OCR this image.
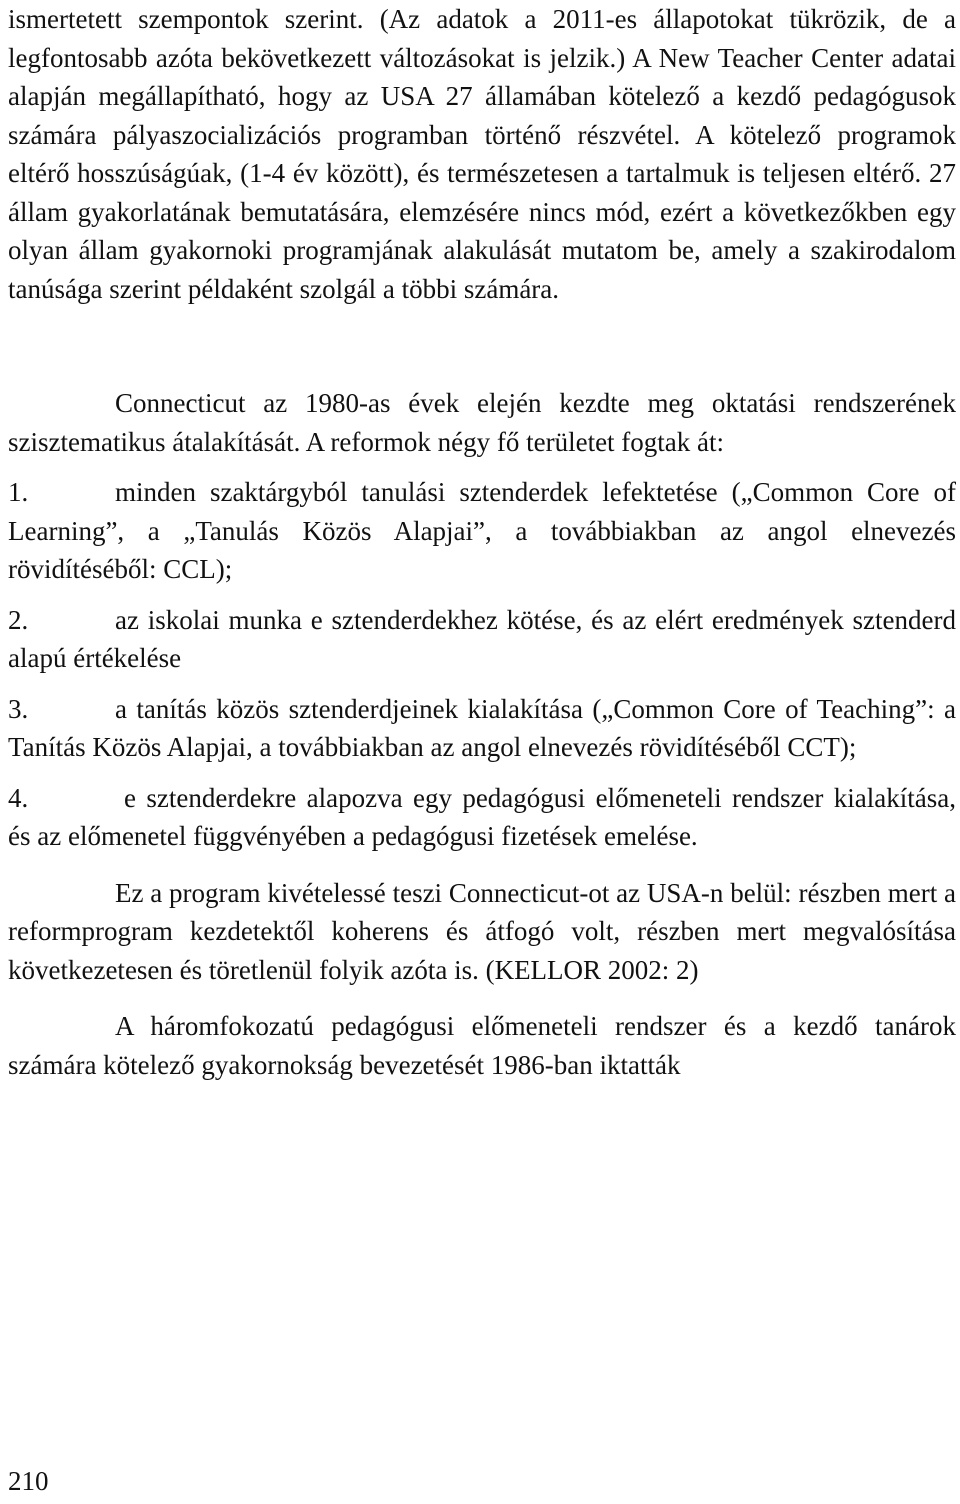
ismertetett szempontok szerint. (Az adatok a 2011-es állapotokat tükrözik, de a legfontosabb azóta bekövetkezett változásokat is jelzik.) A New Teacher Center adatai alapján megállapítható, hogy az USA 27 államában kötelező a kezdő pedagógusok számára pályaszocializációs programban történő részvétel. A kötelező programok eltérő hosszúságúak, (1-4 év között), és természetesen a tartalmuk is teljesen eltérő. 27 állam gyakorlatának bemutatására, elemzésére nincs mód, ezért a következőkben egy olyan állam gyakornoki programjának alakulását mutatom be, amely a szakirodalom tanúsága szerint példaként szolgál a többi számára.

Connecticut az 1980-as évek elején kezdte meg oktatási rendszerének szisztematikus átalakítását. A reformok négy fő területet fogtak át:

1.	minden szaktárgyból tanulási sztenderdek lefektetése („Common Core of Learning”, a „Tanulás Közös Alapjai”, a továbbiakban az angol elnevezés rövidítéséből: CCL);

2.	az iskolai munka e sztenderdekhez kötése, és az elért eredmények sztenderd alapú értékelése

3.	a tanítás közös sztenderdjeinek kialakítása („Common Core of Teaching”: a Tanítás Közös Alapjai, a továbbiakban az angol elnevezés rövidítéséből CCT);

4.	e sztenderdekre alapozva egy pedagógusi előmeneteli rendszer kialakítása, és az előmenetel függvényében a pedagógusi fizetések emelése.

Ez a program kivételessé teszi Connecticut-ot az USA-n belül: részben mert a reformprogram kezdetektől koherens és átfogó volt, részben mert megvalósítása következetesen és töretlenül folyik azóta is. (KELLOR 2002: 2)

A háromfokozatú pedagógusi előmeneteli rendszer és a kezdő tanárok számára kötelező gyakornokság bevezetését 1986-ban iktatták

210
